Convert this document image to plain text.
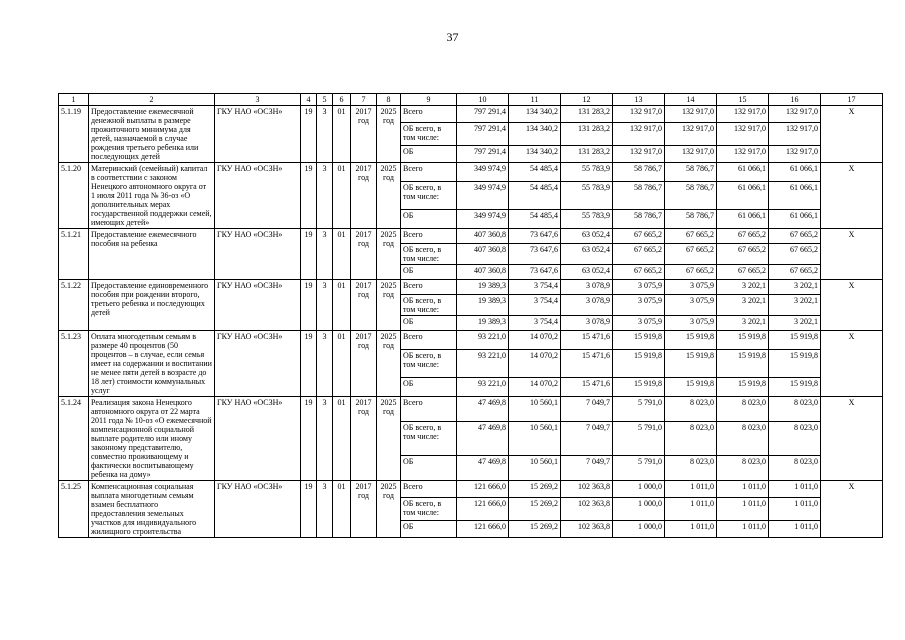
37
1	2	3	4	5	6	7	8	9	10	11	12	13	14	15	16	17
5.1.19	Предоставление ежемесячной денежной выплаты в размере прожиточного минимума для детей, назначаемой в случае рождения третьего ребенка или последующих детей	ГКУ НАО «ОСЗН»	19	3	01	2017 год	2025 год	Всего	797 291,4	134 340,2	131 283,2	132 917,0	132 917,0	132 917,0	132 917,0	X
								ОБ всего, в том числе:	797 291,4	134 340,2	131 283,2	132 917,0	132 917,0	132 917,0	132 917,0	
								ОБ	797 291,4	134 340,2	131 283,2	132 917,0	132 917,0	132 917,0	132 917,0	
5.1.20	Материнский (семейный) капитал в соответствии с законом Ненецкого автономного округа от 1 июля 2011 года № 36-оз «О дополнительных мерах государственной поддержки семей, имеющих детей»	ГКУ НАО «ОСЗН»	19	3	01	2017 год	2025 год	Всего	349 974,9	54 485,4	55 783,9	58 786,7	58 786,7	61 066,1	61 066,1	X
								ОБ всего, в том числе:	349 974,9	54 485,4	55 783,9	58 786,7	58 786,7	61 066,1	61 066,1	
								ОБ	349 974,9	54 485,4	55 783,9	58 786,7	58 786,7	61 066,1	61 066,1	
5.1.21	Предоставление ежемесячного пособия на ребенка	ГКУ НАО «ОСЗН»	19	3	01	2017 год	2025 год	Всего	407 360,8	73 647,6	63 052,4	67 665,2	67 665,2	67 665,2	67 665,2	X
								ОБ всего, в том числе:	407 360,8	73 647,6	63 052,4	67 665,2	67 665,2	67 665,2	67 665,2	
								ОБ	407 360,8	73 647,6	63 052,4	67 665,2	67 665,2	67 665,2	67 665,2	
5.1.22	Предоставление единовременного пособия при рождении второго, третьего ребенка и последующих детей	ГКУ НАО «ОСЗН»	19	3	01	2017 год	2025 год	Всего	19 389,3	3 754,4	3 078,9	3 075,9	3 075,9	3 202,1	3 202,1	X
								ОБ всего, в том числе:	19 389,3	3 754,4	3 078,9	3 075,9	3 075,9	3 202,1	3 202,1	
								ОБ	19 389,3	3 754,4	3 078,9	3 075,9	3 075,9	3 202,1	3 202,1	
5.1.23	Оплата многодетным семьям в размере 40 процентов (50 процентов – в случае, если семья имеет на содержании и воспитании не менее пяти детей в возрасте до 18 лет) стоимости коммунальных услуг	ГКУ НАО «ОСЗН»	19	3	01	2017 год	2025 год	Всего	93 221,0	14 070,2	15 471,6	15 919,8	15 919,8	15 919,8	15 919,8	X
								ОБ всего, в том числе:	93 221,0	14 070,2	15 471,6	15 919,8	15 919,8	15 919,8	15 919,8	
								ОБ	93 221,0	14 070,2	15 471,6	15 919,8	15 919,8	15 919,8	15 919,8	
5.1.24	Реализация закона Ненецкого автономного округа от 22 марта 2011 года № 10-оз «О ежемесячной компенсационной социальной выплате родителю или иному законному представителю, совместно проживающему и фактически воспитывающему ребенка на дому»	ГКУ НАО «ОСЗН»	19	3	01	2017 год	2025 год	Всего	47 469,8	10 560,1	7 049,7	5 791,0	8 023,0	8 023,0	8 023,0	X
								ОБ всего, в том числе:	47 469,8	10 560,1	7 049,7	5 791,0	8 023,0	8 023,0	8 023,0	
								ОБ	47 469,8	10 560,1	7 049,7	5 791,0	8 023,0	8 023,0	8 023,0	
5.1.25	Компенсационная социальная выплата многодетным семьям взамен бесплатного предоставления земельных участков для индивидуального жилищного строительства	ГКУ НАО «ОСЗН»	19	3	01	2017 год	2025 год	Всего	121 666,0	15 269,2	102 363,8	1 000,0	1 011,0	1 011,0	1 011,0	X
								ОБ всего, в том числе:	121 666,0	15 269,2	102 363,8	1 000,0	1 011,0	1 011,0	1 011,0	
								ОБ	121 666,0	15 269,2	102 363,8	1 000,0	1 011,0	1 011,0	1 011,0	
